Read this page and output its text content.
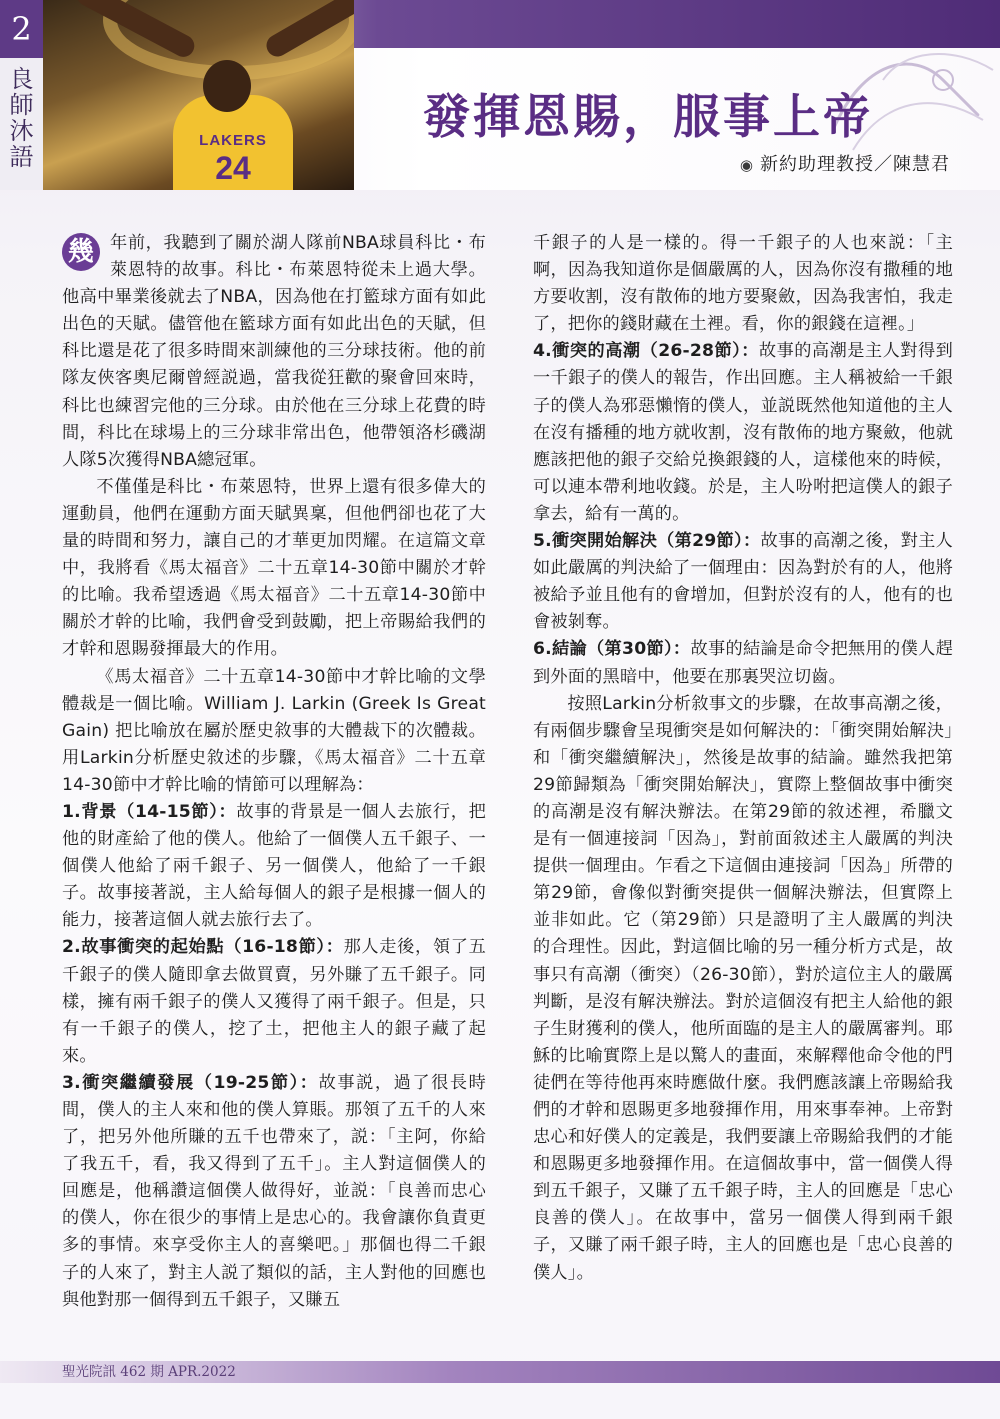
2
良
師
沐
語
LAKERS
24
發揮恩賜，服事上帝
◉ 新約助理教授／陳慧君

幾 年前，我聽到了關於湖人隊前NBA球員科比・布萊恩特的故事。科比・布萊恩特從未上過大學。他高中畢業後就去了NBA，因為他在打籃球方面有如此出色的天賦。儘管他在籃球方面有如此出色的天賦，但科比還是花了很多時間來訓練他的三分球技術。他的前隊友俠客奧尼爾曾經説過，當我從狂歡的聚會回來時，科比也練習完他的三分球。由於他在三分球上花費的時間，科比在球場上的三分球非常出色，他帶領洛杉磯湖人隊5次獲得NBA總冠軍。

不僅僅是科比・布萊恩特，世界上還有很多偉大的運動員，他們在運動方面天賦異稟，但他們卻也花了大量的時間和努力，讓自己的才華更加閃耀。在這篇文章中，我將看《馬太福音》二十五章14-30節中關於才幹的比喻。我希望透過《馬太福音》二十五章14-30節中關於才幹的比喻，我們會受到鼓勵，把上帝賜給我們的才幹和恩賜發揮最大的作用。

《馬太福音》二十五章14-30節中才幹比喻的文學體裁是一個比喻。William J. Larkin (Greek Is Great Gain) 把比喻放在屬於歷史敘事的大體裁下的次體裁。用Larkin分析歷史敘述的步驟，《馬太福音》二十五章14-30節中才幹比喻的情節可以理解為：

1.背景（14-15節）：故事的背景是一個人去旅行，把他的財產給了他的僕人。他給了一個僕人五千銀子、一個僕人他給了兩千銀子、另一個僕人，他給了一千銀子。故事接著説，主人給每個人的銀子是根據一個人的能力，接著這個人就去旅行去了。

2.故事衝突的起始點（16-18節）：那人走後，領了五千銀子的僕人隨即拿去做買賣，另外賺了五千銀子。同樣，擁有兩千銀子的僕人又獲得了兩千銀子。但是，只有一千銀子的僕人，挖了土，把他主人的銀子藏了起來。

3.衝突繼續發展（19-25節）：故事説，過了很長時間，僕人的主人來和他的僕人算賬。那領了五千的人來了，把另外他所賺的五千也帶來了，説：「主阿，你給了我五千，看，我又得到了五千」。主人對這個僕人的回應是，他稱讚這個僕人做得好，並説：「良善而忠心的僕人，你在很少的事情上是忠心的。我會讓你負責更多的事情。來享受你主人的喜樂吧。」那個也得二千銀子的人來了，對主人説了類似的話，主人對他的回應也與他對那一個得到五千銀子，又賺五

千銀子的人是一樣的。得一千銀子的人也來説：「主啊，因為我知道你是個嚴厲的人，因為你沒有撒種的地方要收割，沒有散佈的地方要聚斂，因為我害怕，我走了，把你的錢財藏在土裡。看，你的銀錢在這裡。」

4.衝突的高潮（26-28節）：故事的高潮是主人對得到一千銀子的僕人的報告，作出回應。主人稱被給一千銀子的僕人為邪惡懶惰的僕人，並説既然他知道他的主人在沒有播種的地方就收割，沒有散佈的地方聚斂，他就應該把他的銀子交給兑換銀錢的人，這樣他來的時候，可以連本帶利地收錢。於是，主人吩咐把這僕人的銀子拿去，給有一萬的。

5.衝突開始解決（第29節）：故事的高潮之後，對主人如此嚴厲的判決給了一個理由：因為對於有的人，他將被給予並且他有的會增加，但對於沒有的人，他有的也會被剝奪。

6.結論（第30節）：故事的結論是命令把無用的僕人趕到外面的黑暗中，他要在那裏哭泣切齒。

按照Larkin分析敘事文的步驟，在故事高潮之後，有兩個步驟會呈現衝突是如何解決的：「衝突開始解決」和「衝突繼續解決」，然後是故事的結論。雖然我把第29節歸類為「衝突開始解決」，實際上整個故事中衝突的高潮是沒有解決辦法。在第29節的敘述裡，希臘文是有一個連接詞「因為」，對前面敘述主人嚴厲的判決提供一個理由。乍看之下這個由連接詞「因為」所帶的第29節，會像似對衝突提供一個解決辦法，但實際上並非如此。它（第29節）只是證明了主人嚴厲的判決的合理性。因此，對這個比喻的另一種分析方式是，故事只有高潮（衝突）（26-30節），對於這位主人的嚴厲判斷，是沒有解決辦法。對於這個沒有把主人給他的銀子生財獲利的僕人，他所面臨的是主人的嚴厲審判。耶穌的比喻實際上是以驚人的畫面，來解釋他命令他的門徒們在等待他再來時應做什麼。我們應該讓上帝賜給我們的才幹和恩賜更多地發揮作用，用來事奉神。上帝對忠心和好僕人的定義是，我們要讓上帝賜給我們的才能和恩賜更多地發揮作用。在這個故事中，當一個僕人得到五千銀子，又賺了五千銀子時，主人的回應是「忠心良善的僕人」。在故事中，當另一個僕人得到兩千銀子，又賺了兩千銀子時，主人的回應也是「忠心良善的僕人」。

聖光院訊 462 期 APR.2022
